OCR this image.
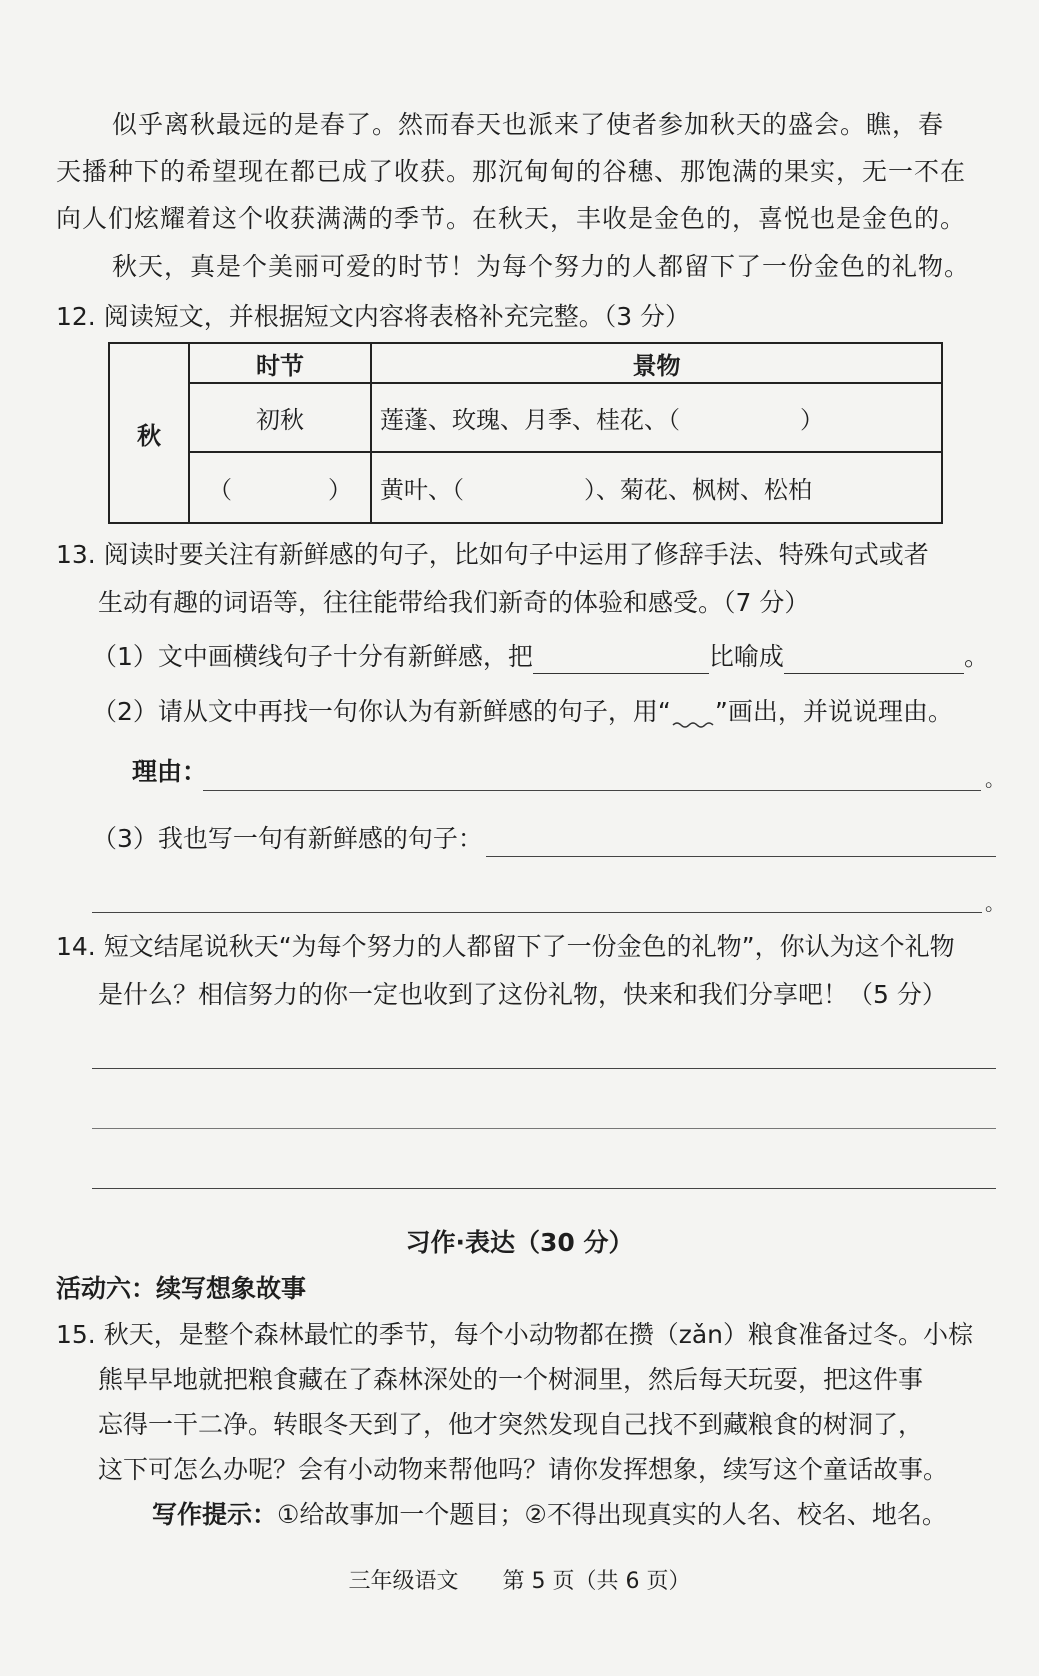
似乎离秋最远的是春了。然而春天也派来了使者参加秋天的盛会。瞧，春
天播种下的希望现在都已成了收获。那沉甸甸的谷穗、那饱满的果实，无一不在
向人们炫耀着这个收获满满的季节。在秋天，丰收是金色的，喜悦也是金色的。
秋天，真是个美丽可爱的时节！为每个努力的人都留下了一份金色的礼物。
12. 阅读短文，并根据短文内容将表格补充完整。（3 分）
秋	时节	景物
	初秋	莲蓬、玫瑰、月季、桂花、（　　　　　）
	（　　　　）	黄叶、（　　　　　）、菊花、枫树、松柏
13. 阅读时要关注有新鲜感的句子，比如句子中运用了修辞手法、特殊句式或者
生动有趣的词语等，往往能带给我们新奇的体验和感受。（7 分）
（1）文中画横线句子十分有新鲜感，把	比喻成	。
（2）请从文中再找一句你认为有新鲜感的句子，用“ ”画出，并说说理由。
理由：	。
（3）我也写一句有新鲜感的句子：
。
14. 短文结尾说秋天“为每个努力的人都留下了一份金色的礼物”，你认为这个礼物
是什么？相信努力的你一定也收到了这份礼物，快来和我们分享吧！（5 分）
习作·表达（30 分）
活动六：续写想象故事
15. 秋天，是整个森林最忙的季节，每个小动物都在攒（zǎn）粮食准备过冬。小棕
熊早早地就把粮食藏在了森林深处的一个树洞里，然后每天玩耍，把这件事
忘得一干二净。转眼冬天到了，他才突然发现自己找不到藏粮食的树洞了，
这下可怎么办呢？会有小动物来帮他吗？请你发挥想象，续写这个童话故事。
写作提示：①给故事加一个题目；②不得出现真实的人名、校名、地名。
三年级语文 第 5 页（共 6 页）
